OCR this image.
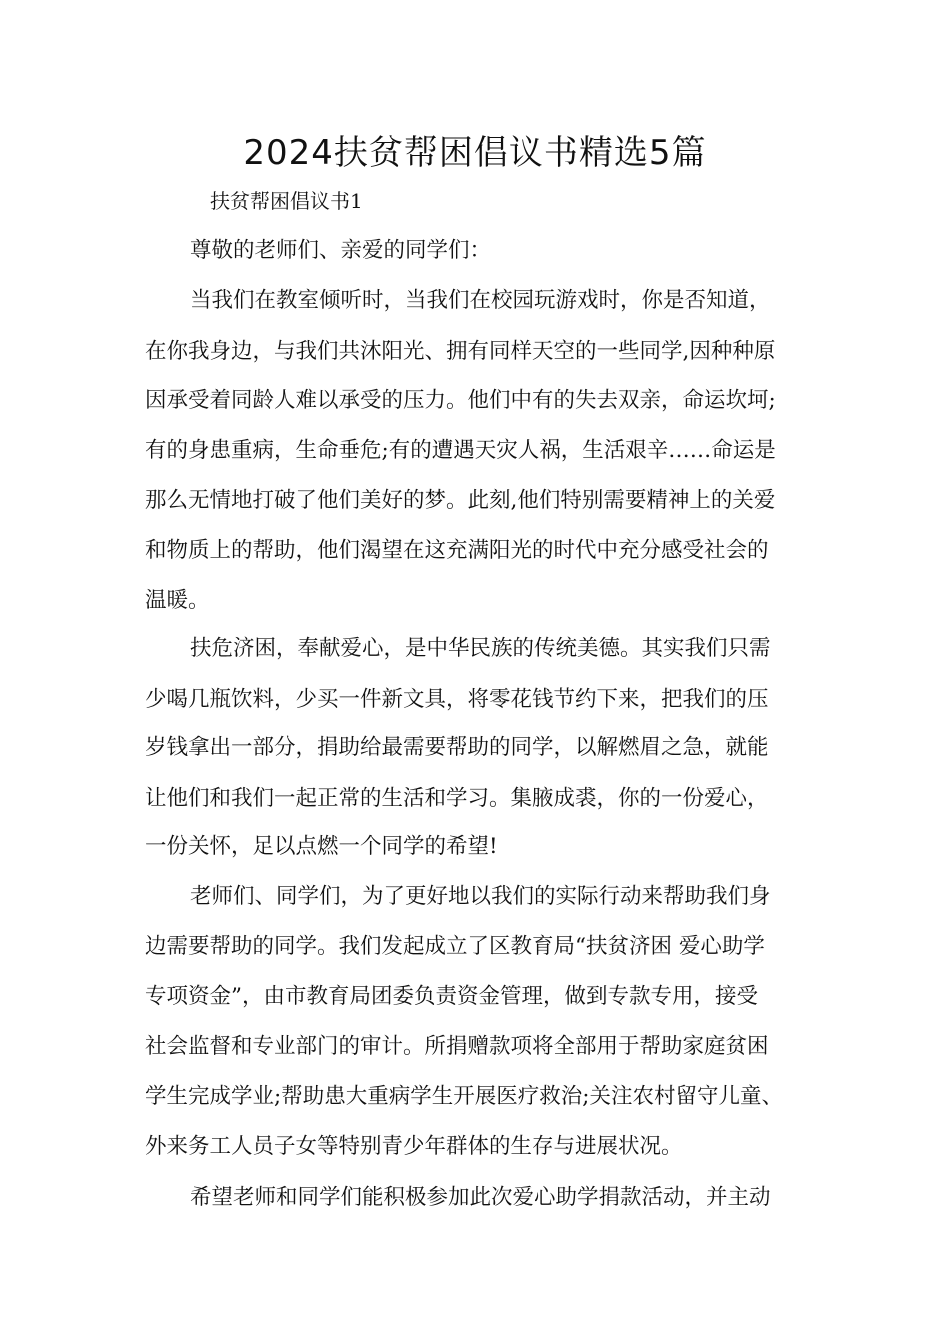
2024扶贫帮困倡议书精选5篇

扶贫帮困倡议书1

尊敬的老师们、亲爱的同学们：

当我们在教室倾听时，当我们在校园玩游戏时，你是否知道，

在你我身边，与我们共沐阳光、拥有同样天空的一些同学,因种种原

因承受着同龄人难以承受的压力。他们中有的失去双亲，命运坎坷;

有的身患重病，生命垂危;有的遭遇天灾人祸，生活艰辛……命运是

那么无情地打破了他们美好的梦。此刻,他们特别需要精神上的关爱

和物质上的帮助，他们渴望在这充满阳光的时代中充分感受社会的

温暖。

扶危济困，奉献爱心，是中华民族的传统美德。其实我们只需

少喝几瓶饮料，少买一件新文具，将零花钱节约下来，把我们的压

岁钱拿出一部分，捐助给最需要帮助的同学，以解燃眉之急，就能

让他们和我们一起正常的生活和学习。集腋成裘，你的一份爱心，

一份关怀，足以点燃一个同学的希望!

老师们、同学们，为了更好地以我们的实际行动来帮助我们身

边需要帮助的同学。我们发起成立了区教育局“扶贫济困 爱心助学

专项资金”，由市教育局团委负责资金管理，做到专款专用，接受

社会监督和专业部门的审计。所捐赠款项将全部用于帮助家庭贫困

学生完成学业;帮助患大重病学生开展医疗救治;关注农村留守儿童、

外来务工人员子女等特别青少年群体的生存与进展状况。

希望老师和同学们能积极参加此次爱心助学捐款活动，并主动
